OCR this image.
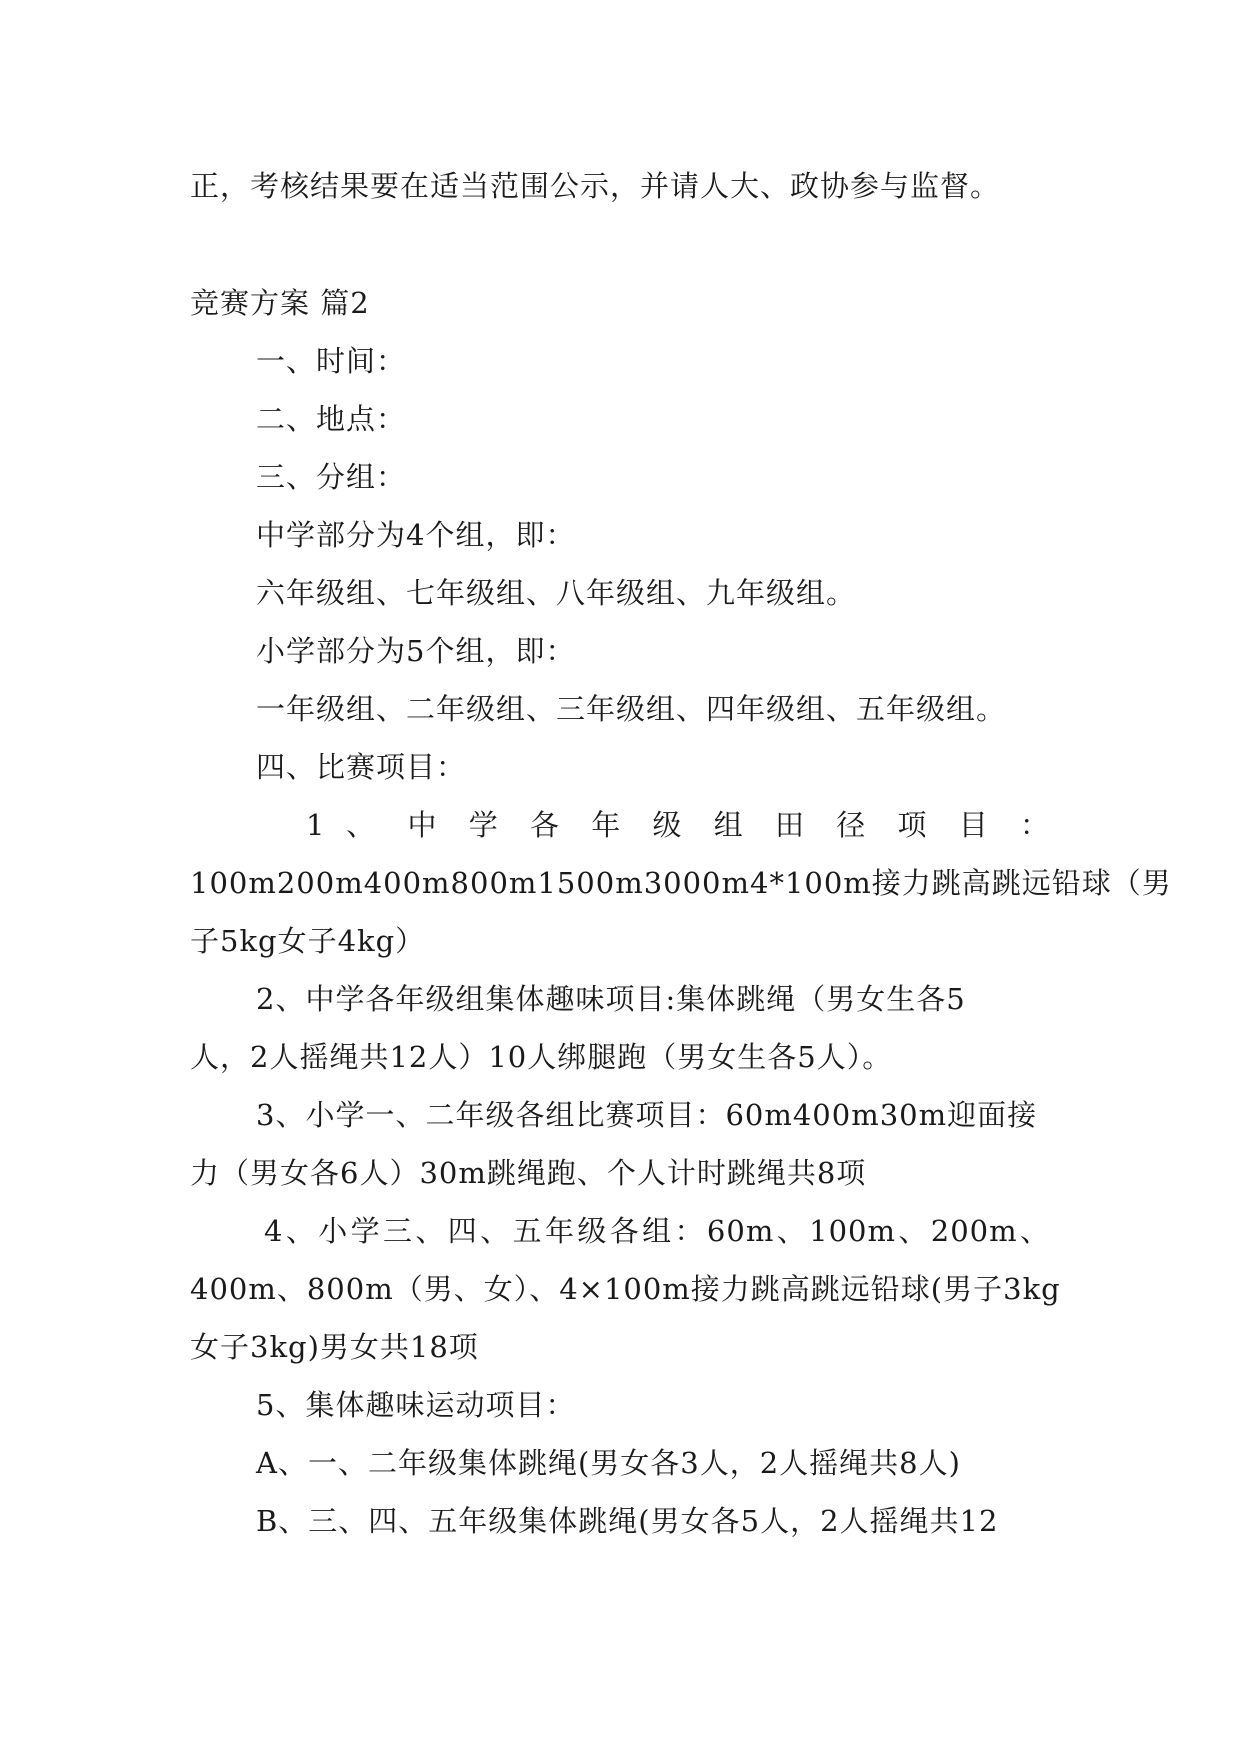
正，考核结果要在适当范围公示，并请人大、政协参与监督。
竞赛方案 篇2
一、时间：
二、地点：
三、分组：
中学部分为4个组，即：
六年级组、七年级组、八年级组、九年级组。
小学部分为5个组，即：
一年级组、二年级组、三年级组、四年级组、五年级组。
四、比赛项目：
1 、 中 学 各 年 级 组 田 径 项 目 ：
100m200m400m800m1500m3000m4*100m接力跳高跳远铅球（男
子5kg女子4kg）
2、中学各年级组集体趣味项目:集体跳绳（男女生各5
人，2人摇绳共12人）10人绑腿跑（男女生各5人）。
3、小学一、二年级各组比赛项目：60m400m30m迎面接
力（男女各6人）30m跳绳跑、个人计时跳绳共8项
4、小学三、四、五年级各组：60m、100m、200m、
400m、800m（男、女）、4×100m接力跳高跳远铅球(男子3kg
女子3kg)男女共18项
5、集体趣味运动项目：
A、一、二年级集体跳绳(男女各3人，2人摇绳共8人)
B、三、四、五年级集体跳绳(男女各5人，2人摇绳共12
